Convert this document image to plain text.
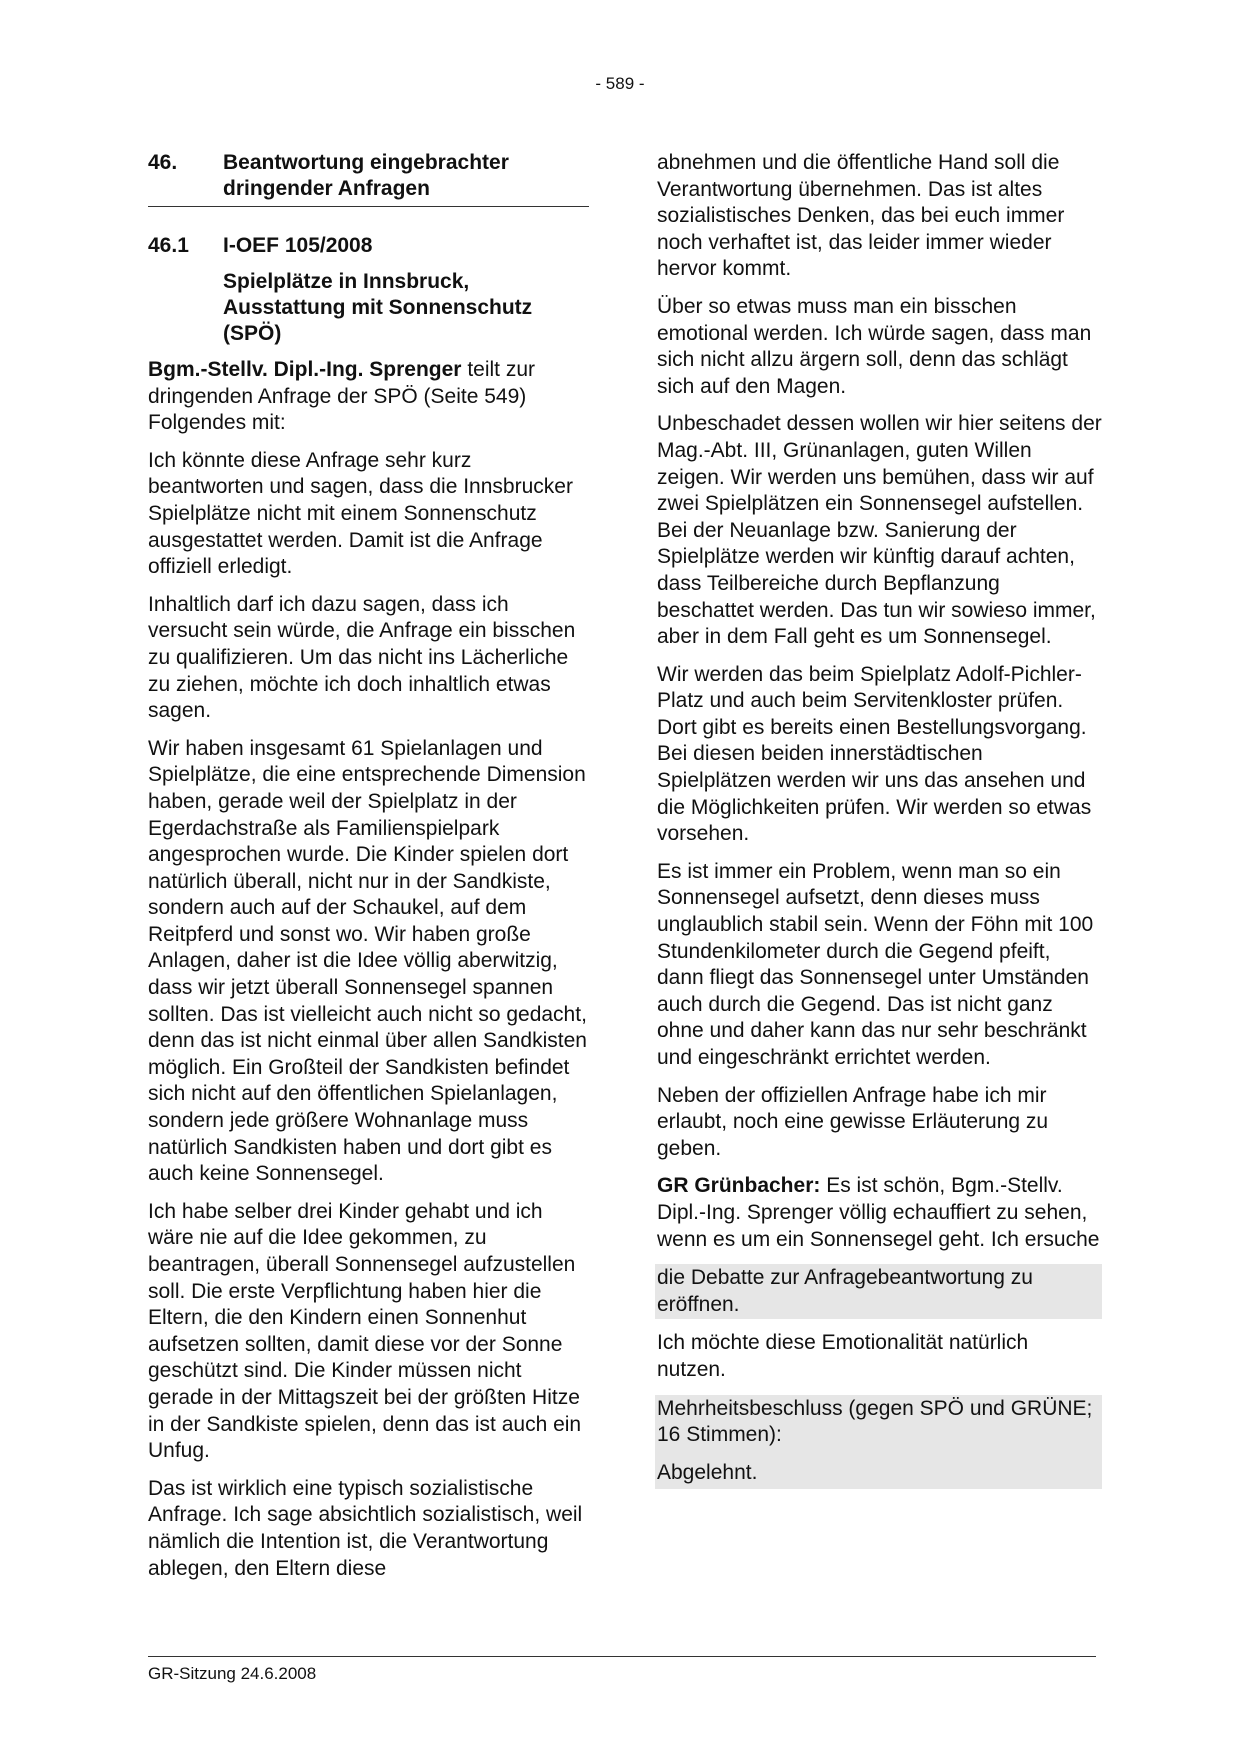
- 589 -
46.	Beantwortung eingebrachter dringender Anfragen
46.1	I-OEF 105/2008
Spielplätze in Innsbruck, Ausstattung mit Sonnenschutz (SPÖ)

Bgm.-Stellv. Dipl.-Ing. Sprenger teilt zur dringenden Anfrage der SPÖ (Seite 549) Folgendes mit:

Ich könnte diese Anfrage sehr kurz beantworten und sagen, dass die Innsbrucker Spielplätze nicht mit einem Sonnenschutz ausgestattet werden. Damit ist die Anfrage offiziell erledigt.

Inhaltlich darf ich dazu sagen, dass ich versucht sein würde, die Anfrage ein bisschen zu qualifizieren. Um das nicht ins Lächerliche zu ziehen, möchte ich doch inhaltlich etwas sagen.

Wir haben insgesamt 61 Spielanlagen und Spielplätze, die eine entsprechende Dimension haben, gerade weil der Spielplatz in der Egerdachstraße als Familienspielpark angesprochen wurde. Die Kinder spielen dort natürlich überall, nicht nur in der Sandkiste, sondern auch auf der Schaukel, auf dem Reitpferd und sonst wo. Wir haben große Anlagen, daher ist die Idee völlig aberwitzig, dass wir jetzt überall Sonnensegel spannen sollten. Das ist vielleicht auch nicht so gedacht, denn das ist nicht einmal über allen Sandkisten möglich. Ein Großteil der Sandkisten befindet sich nicht auf den öffentlichen Spielanlagen, sondern jede größere Wohnanlage muss natürlich Sandkisten haben und dort gibt es auch keine Sonnensegel.

Ich habe selber drei Kinder gehabt und ich wäre nie auf die Idee gekommen, zu beantragen, überall Sonnensegel aufzustellen soll. Die erste Verpflichtung haben hier die Eltern, die den Kindern einen Sonnenhut aufsetzen sollten, damit diese vor der Sonne geschützt sind. Die Kinder müssen nicht gerade in der Mittagszeit bei der größten Hitze in der Sandkiste spielen, denn das ist auch ein Unfug.

Das ist wirklich eine typisch sozialistische Anfrage. Ich sage absichtlich sozialistisch, weil nämlich die Intention ist, die Verantwortung ablegen, den Eltern diese

abnehmen und die öffentliche Hand soll die Verantwortung übernehmen. Das ist altes sozialistisches Denken, das bei euch immer noch verhaftet ist, das leider immer wieder hervor kommt.

Über so etwas muss man ein bisschen emotional werden. Ich würde sagen, dass man sich nicht allzu ärgern soll, denn das schlägt sich auf den Magen.

Unbeschadet dessen wollen wir hier seitens der Mag.-Abt. III, Grünanlagen, guten Willen zeigen. Wir werden uns bemühen, dass wir auf zwei Spielplätzen ein Sonnensegel aufstellen. Bei der Neuanlage bzw. Sanierung der Spielplätze werden wir künftig darauf achten, dass Teilbereiche durch Bepflanzung beschattet werden. Das tun wir sowieso immer, aber in dem Fall geht es um Sonnensegel.

Wir werden das beim Spielplatz Adolf-Pichler-Platz und auch beim Servitenkloster prüfen. Dort gibt es bereits einen Bestellungsvorgang. Bei diesen beiden innerstädtischen Spielplätzen werden wir uns das ansehen und die Möglichkeiten prüfen. Wir werden so etwas vorsehen.

Es ist immer ein Problem, wenn man so ein Sonnensegel aufsetzt, denn dieses muss unglaublich stabil sein. Wenn der Föhn mit 100 Stundenkilometer durch die Gegend pfeift, dann fliegt das Sonnensegel unter Umständen auch durch die Gegend. Das ist nicht ganz ohne und daher kann das nur sehr beschränkt und eingeschränkt errichtet werden.

Neben der offiziellen Anfrage habe ich mir erlaubt, noch eine gewisse Erläuterung zu geben.

GR Grünbacher: Es ist schön, Bgm.-Stellv. Dipl.-Ing. Sprenger völlig echauffiert zu sehen, wenn es um ein Sonnensegel geht. Ich ersuche

die Debatte zur Anfragebeantwortung zu eröffnen.

Ich möchte diese Emotionalität natürlich nutzen.

Mehrheitsbeschluss (gegen SPÖ und GRÜNE; 16 Stimmen):

Abgelehnt.

GR-Sitzung 24.6.2008
